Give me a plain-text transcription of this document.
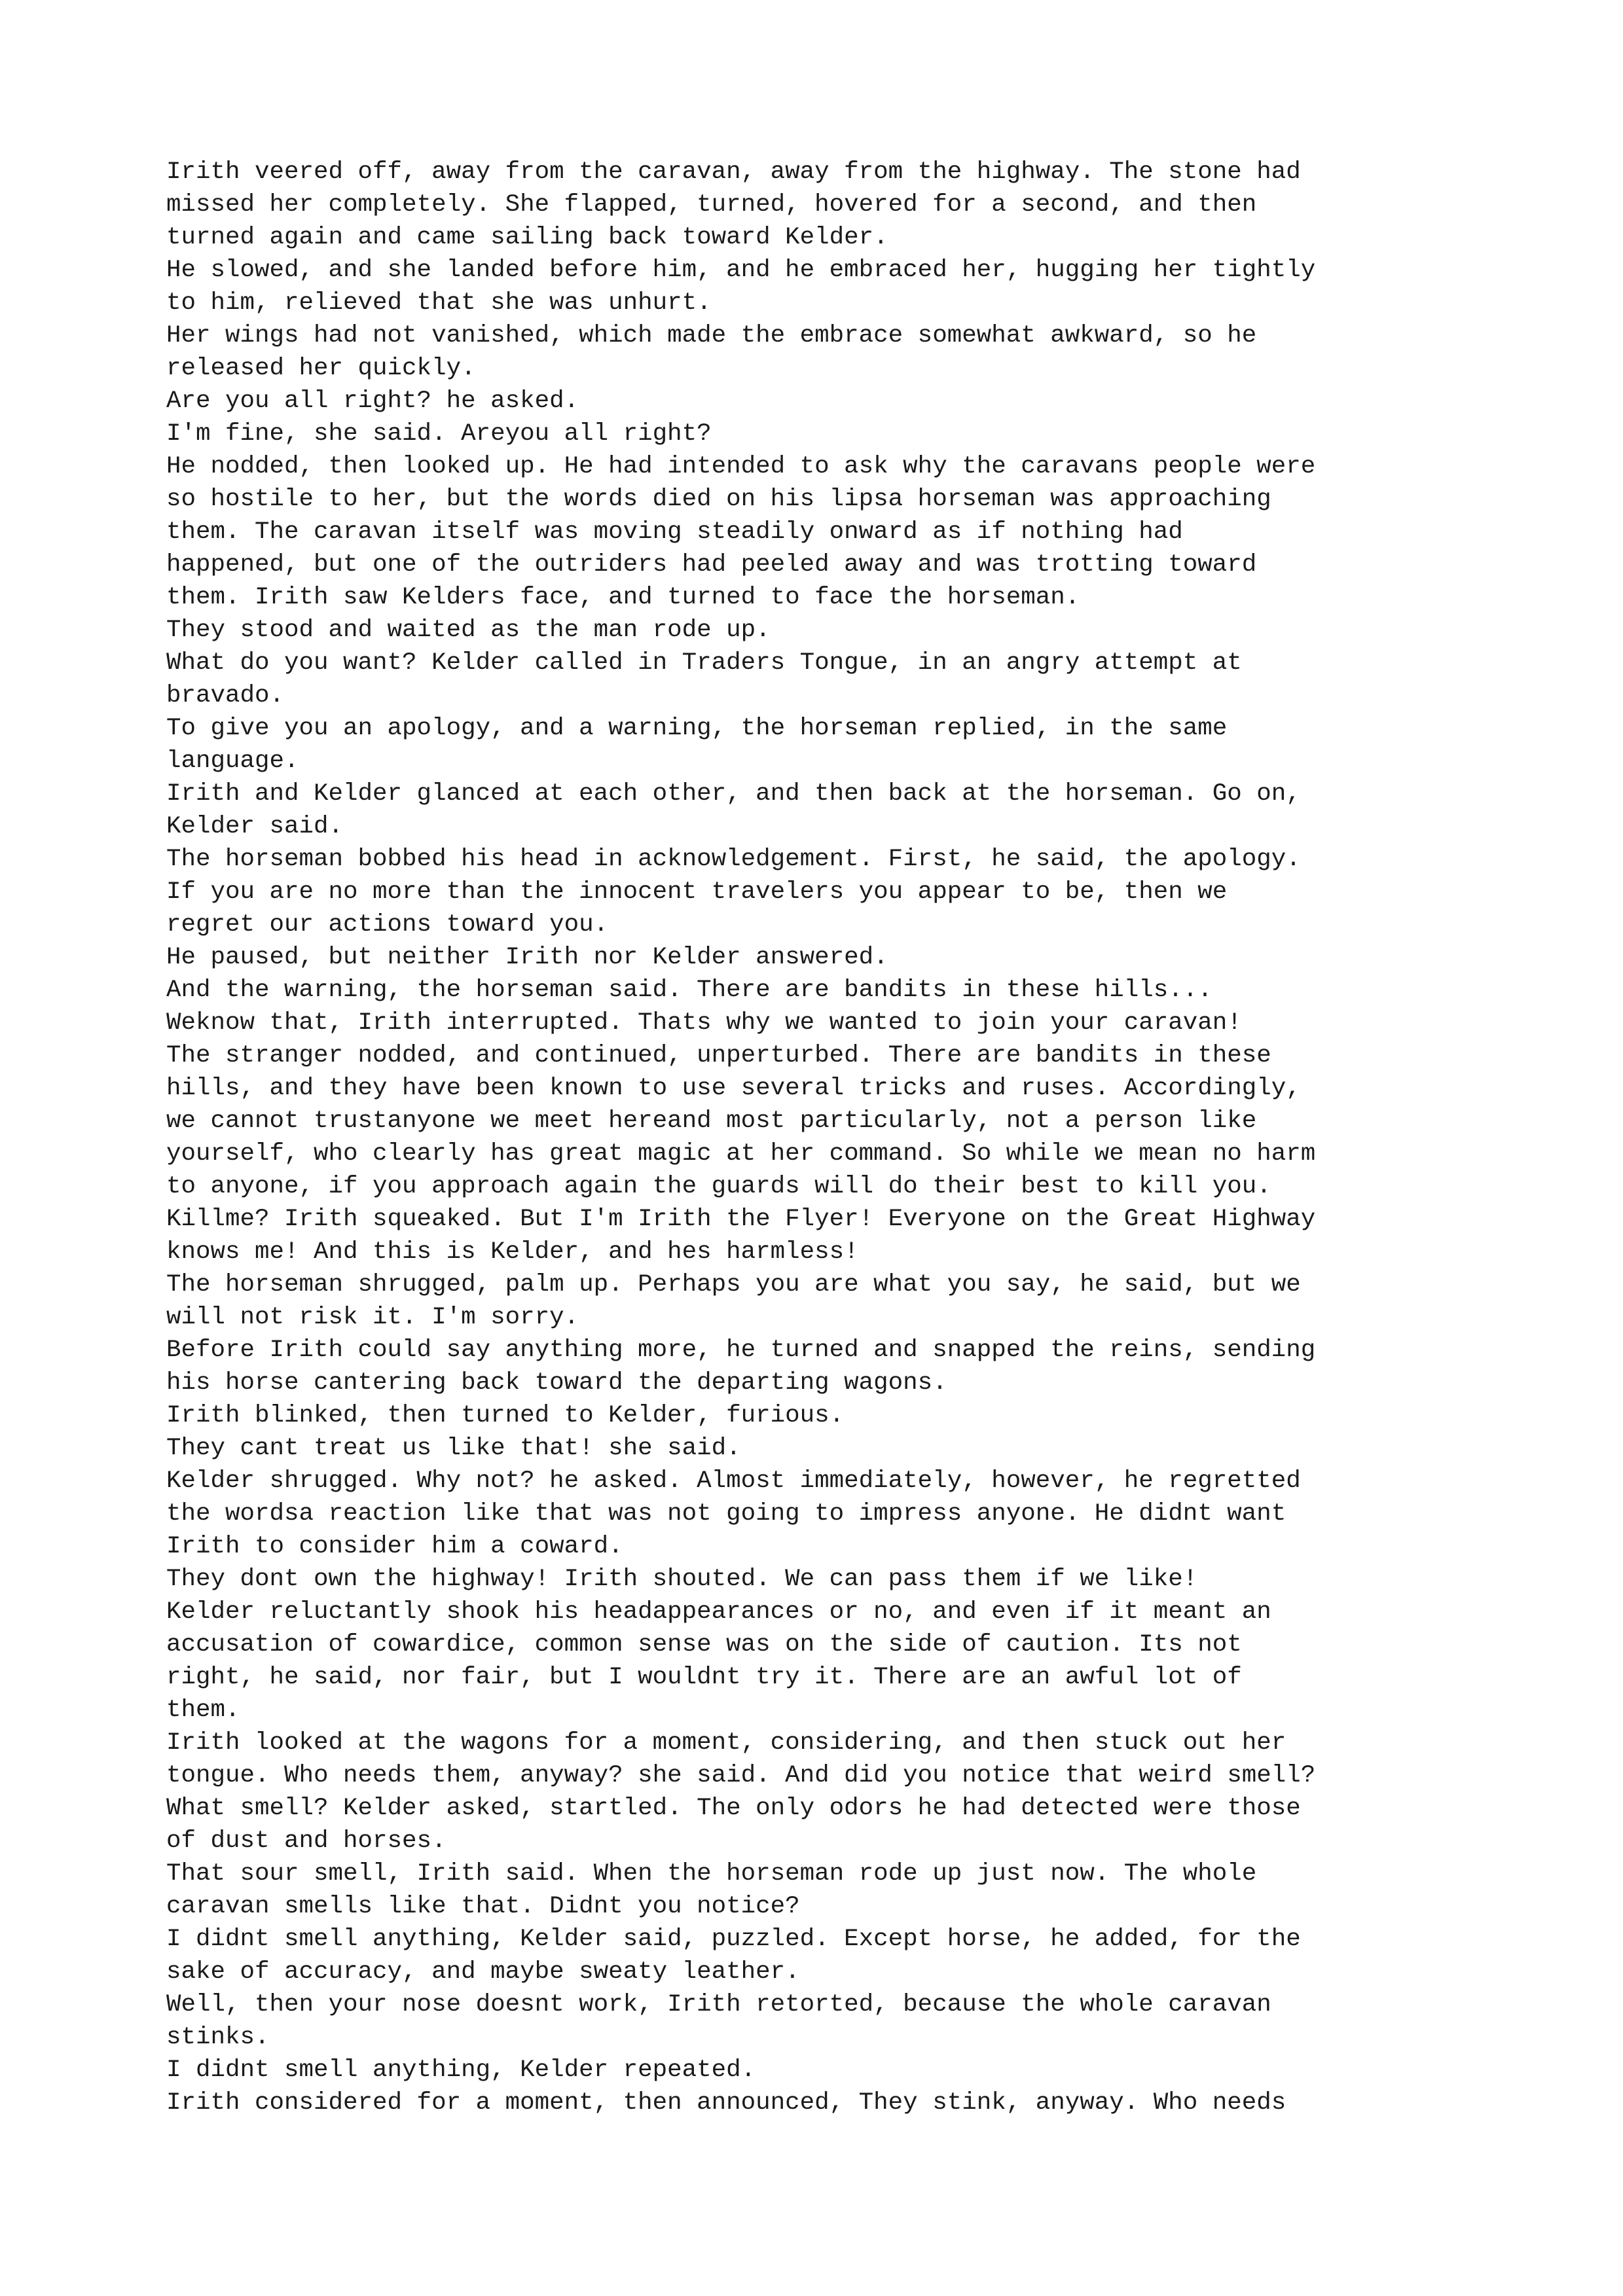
Irith veered off, away from the caravan, away from the highway. The stone had
missed her completely. She flapped, turned, hovered for a second, and then
turned again and came sailing back toward Kelder.
He slowed, and she landed before him, and he embraced her, hugging her tightly
to him, relieved that she was unhurt.
Her wings had not vanished, which made the embrace somewhat awkward, so he
released her quickly.
Are you all right? he asked.
I'm fine, she said. Areyou all right?
He nodded, then looked up. He had intended to ask why the caravans people were
so hostile to her, but the words died on his lipsa horseman was approaching
them. The caravan itself was moving steadily onward as if nothing had
happened, but one of the outriders had peeled away and was trotting toward
them. Irith saw Kelders face, and turned to face the horseman.
They stood and waited as the man rode up.
What do you want? Kelder called in Traders Tongue, in an angry attempt at
bravado.
To give you an apology, and a warning, the horseman replied, in the same
language.
Irith and Kelder glanced at each other, and then back at the horseman. Go on,
Kelder said.
The horseman bobbed his head in acknowledgement. First, he said, the apology.
If you are no more than the innocent travelers you appear to be, then we
regret our actions toward you.
He paused, but neither Irith nor Kelder answered.
And the warning, the horseman said. There are bandits in these hills...
Weknow that, Irith interrupted. Thats why we wanted to join your caravan!
The stranger nodded, and continued, unperturbed. There are bandits in these
hills, and they have been known to use several tricks and ruses. Accordingly,
we cannot trustanyone we meet hereand most particularly, not a person like
yourself, who clearly has great magic at her command. So while we mean no harm
to anyone, if you approach again the guards will do their best to kill you.
Killme? Irith squeaked. But I'm Irith the Flyer! Everyone on the Great Highway
knows me! And this is Kelder, and hes harmless!
The horseman shrugged, palm up. Perhaps you are what you say, he said, but we
will not risk it. I'm sorry.
Before Irith could say anything more, he turned and snapped the reins, sending
his horse cantering back toward the departing wagons.
Irith blinked, then turned to Kelder, furious.
They cant treat us like that! she said.
Kelder shrugged. Why not? he asked. Almost immediately, however, he regretted
the wordsa reaction like that was not going to impress anyone. He didnt want
Irith to consider him a coward.
They dont own the highway! Irith shouted. We can pass them if we like!
Kelder reluctantly shook his headappearances or no, and even if it meant an
accusation of cowardice, common sense was on the side of caution. Its not
right, he said, nor fair, but I wouldnt try it. There are an awful lot of
them.
Irith looked at the wagons for a moment, considering, and then stuck out her
tongue. Who needs them, anyway? she said. And did you notice that weird smell?
What smell? Kelder asked, startled. The only odors he had detected were those
of dust and horses.
That sour smell, Irith said. When the horseman rode up just now. The whole
caravan smells like that. Didnt you notice?
I didnt smell anything, Kelder said, puzzled. Except horse, he added, for the
sake of accuracy, and maybe sweaty leather.
Well, then your nose doesnt work, Irith retorted, because the whole caravan
stinks.
I didnt smell anything, Kelder repeated.
Irith considered for a moment, then announced, They stink, anyway. Who needs
